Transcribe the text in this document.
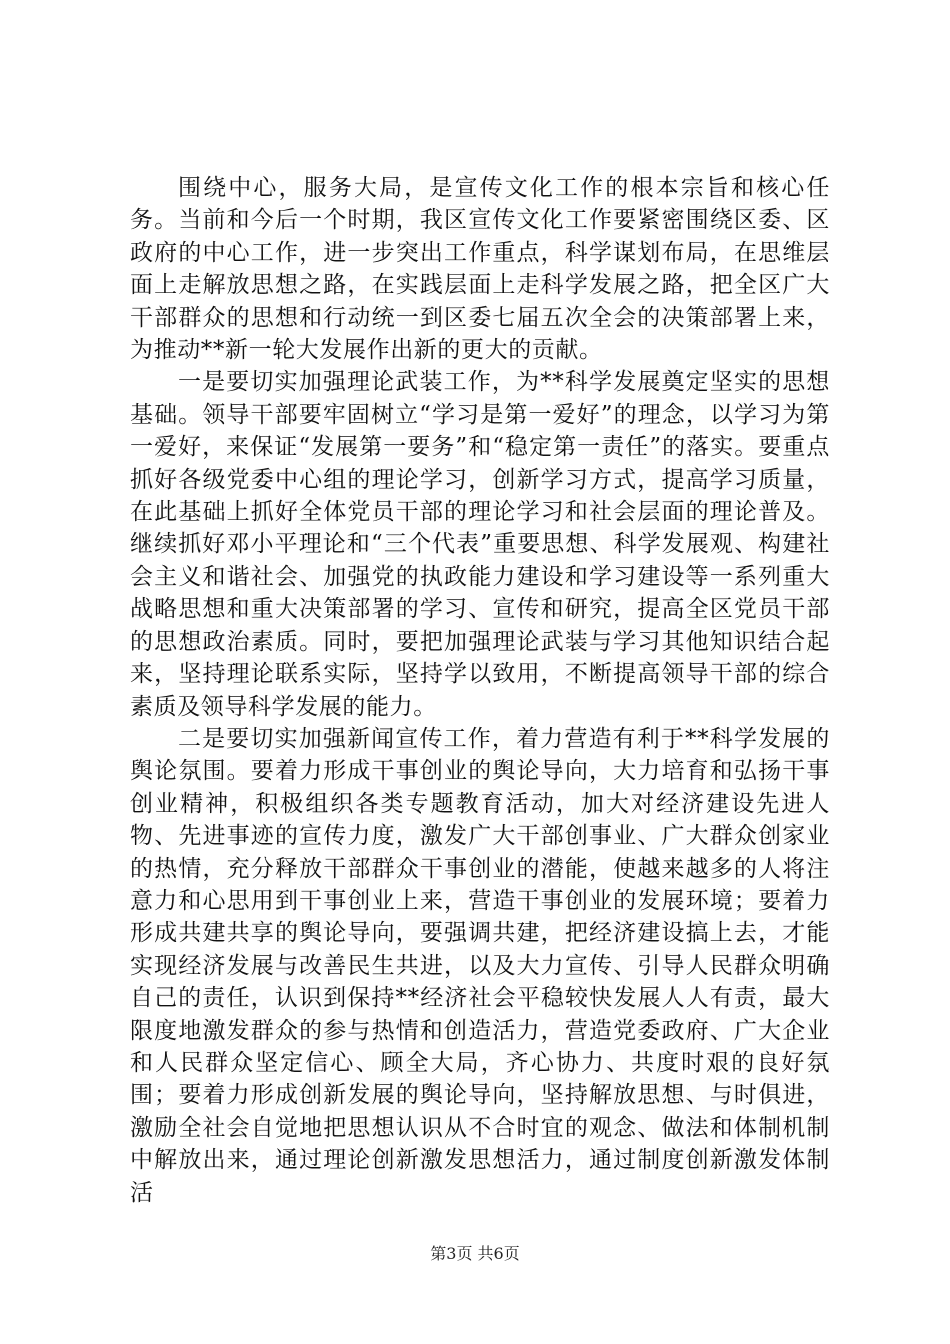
围绕中心，服务大局，是宣传文化工作的根本宗旨和核心任务。当前和今后一个时期，我区宣传文化工作要紧密围绕区委、区政府的中心工作，进一步突出工作重点，科学谋划布局，在思维层面上走解放思想之路，在实践层面上走科学发展之路，把全区广大干部群众的思想和行动统一到区委七届五次全会的决策部署上来，为推动**新一轮大发展作出新的更大的贡献。

一是要切实加强理论武装工作，为**科学发展奠定坚实的思想基础。领导干部要牢固树立“学习是第一爱好”的理念，以学习为第一爱好，来保证“发展第一要务”和“稳定第一责任”的落实。要重点抓好各级党委中心组的理论学习，创新学习方式，提高学习质量，在此基础上抓好全体党员干部的理论学习和社会层面的理论普及。继续抓好邓小平理论和“三个代表”重要思想、科学发展观、构建社会主义和谐社会、加强党的执政能力建设和学习建设等一系列重大战略思想和重大决策部署的学习、宣传和研究，提高全区党员干部的思想政治素质。同时，要把加强理论武装与学习其他知识结合起来，坚持理论联系实际，坚持学以致用，不断提高领导干部的综合素质及领导科学发展的能力。

二是要切实加强新闻宣传工作，着力营造有利于**科学发展的舆论氛围。要着力形成干事创业的舆论导向，大力培育和弘扬干事创业精神，积极组织各类专题教育活动，加大对经济建设先进人物、先进事迹的宣传力度，激发广大干部创事业、广大群众创家业的热情，充分释放干部群众干事创业的潜能，使越来越多的人将注意力和心思用到干事创业上来，营造干事创业的发展环境；要着力形成共建共享的舆论导向，要强调共建，把经济建设搞上去，才能实现经济发展与改善民生共进，以及大力宣传、引导人民群众明确自己的责任，认识到保持**经济社会平稳较快发展人人有责，最大限度地激发群众的参与热情和创造活力，营造党委政府、广大企业和人民群众坚定信心、顾全大局，齐心协力、共度时艰的良好氛围；要着力形成创新发展的舆论导向，坚持解放思想、与时俱进，激励全社会自觉地把思想认识从不合时宜的观念、做法和体制机制中解放出来，通过理论创新激发思想活力，通过制度创新激发体制活

第3页 共6页
